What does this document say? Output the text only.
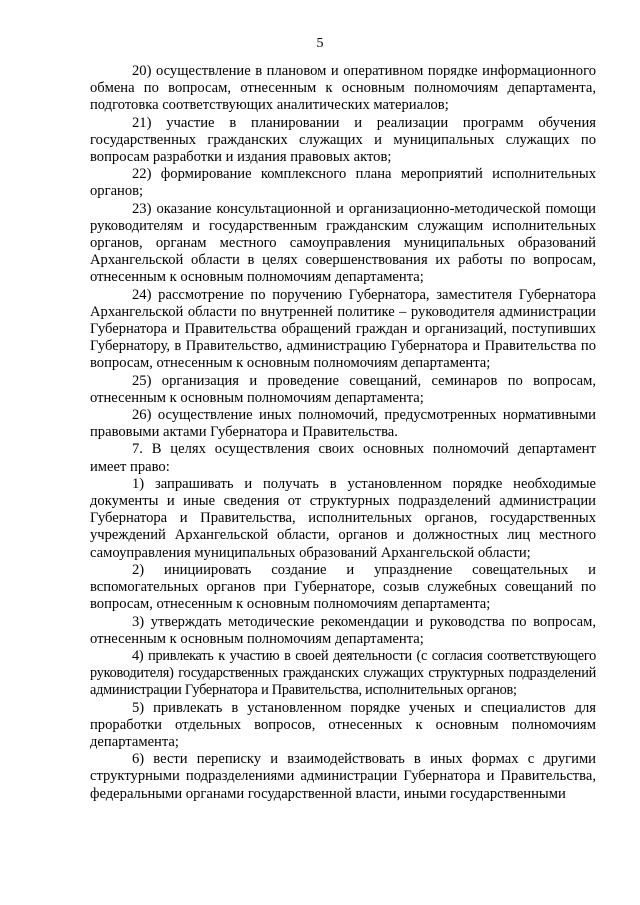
5

20) осуществление в плановом и оперативном порядке информационного обмена по вопросам, отнесенным к основным полномочиям департамента, подготовка соответствующих аналитических материалов;

21) участие в планировании и реализации программ обучения государственных гражданских служащих и муниципальных служащих по вопросам разработки и издания правовых актов;

22) формирование комплексного плана мероприятий исполнительных органов;

23) оказание консультационной и организационно-методической помощи руководителям и государственным гражданским служащим исполнительных органов, органам местного самоуправления муниципальных образований Архангельской области в целях совершенствования их работы по вопросам, отнесенным к основным полномочиям департамента;

24) рассмотрение по поручению Губернатора, заместителя Губернатора Архангельской области по внутренней политике – руководителя администрации Губернатора и Правительства обращений граждан и организаций, поступивших Губернатору, в Правительство, администрацию Губернатора и Правительства по вопросам, отнесенным к основным полномочиям департамента;

25) организация и проведение совещаний, семинаров по вопросам, отнесенным к основным полномочиям департамента;

26) осуществление иных полномочий, предусмотренных нормативными правовыми актами Губернатора и Правительства.

7. В целях осуществления своих основных полномочий департамент имеет право:

1) запрашивать и получать в установленном порядке необходимые документы и иные сведения от структурных подразделений администрации Губернатора и Правительства, исполнительных органов, государственных учреждений Архангельской области, органов и должностных лиц местного самоуправления муниципальных образований Архангельской области;

2) инициировать создание и упразднение совещательных и вспомогательных органов при Губернаторе, созыв служебных совещаний по вопросам, отнесенным к основным полномочиям департамента;

3) утверждать методические рекомендации и руководства по вопросам, отнесенным к основным полномочиям департамента;

4) привлекать к участию в своей деятельности (с согласия соответствующего руководителя) государственных гражданских служащих структурных подразделений администрации Губернатора и Правительства, исполнительных органов;

5) привлекать в установленном порядке ученых и специалистов для проработки отдельных вопросов, отнесенных к основным полномочиям департамента;

6) вести переписку и взаимодействовать в иных формах с другими структурными подразделениями администрации Губернатора и Правительства, федеральными органами государственной власти, иными государственными
